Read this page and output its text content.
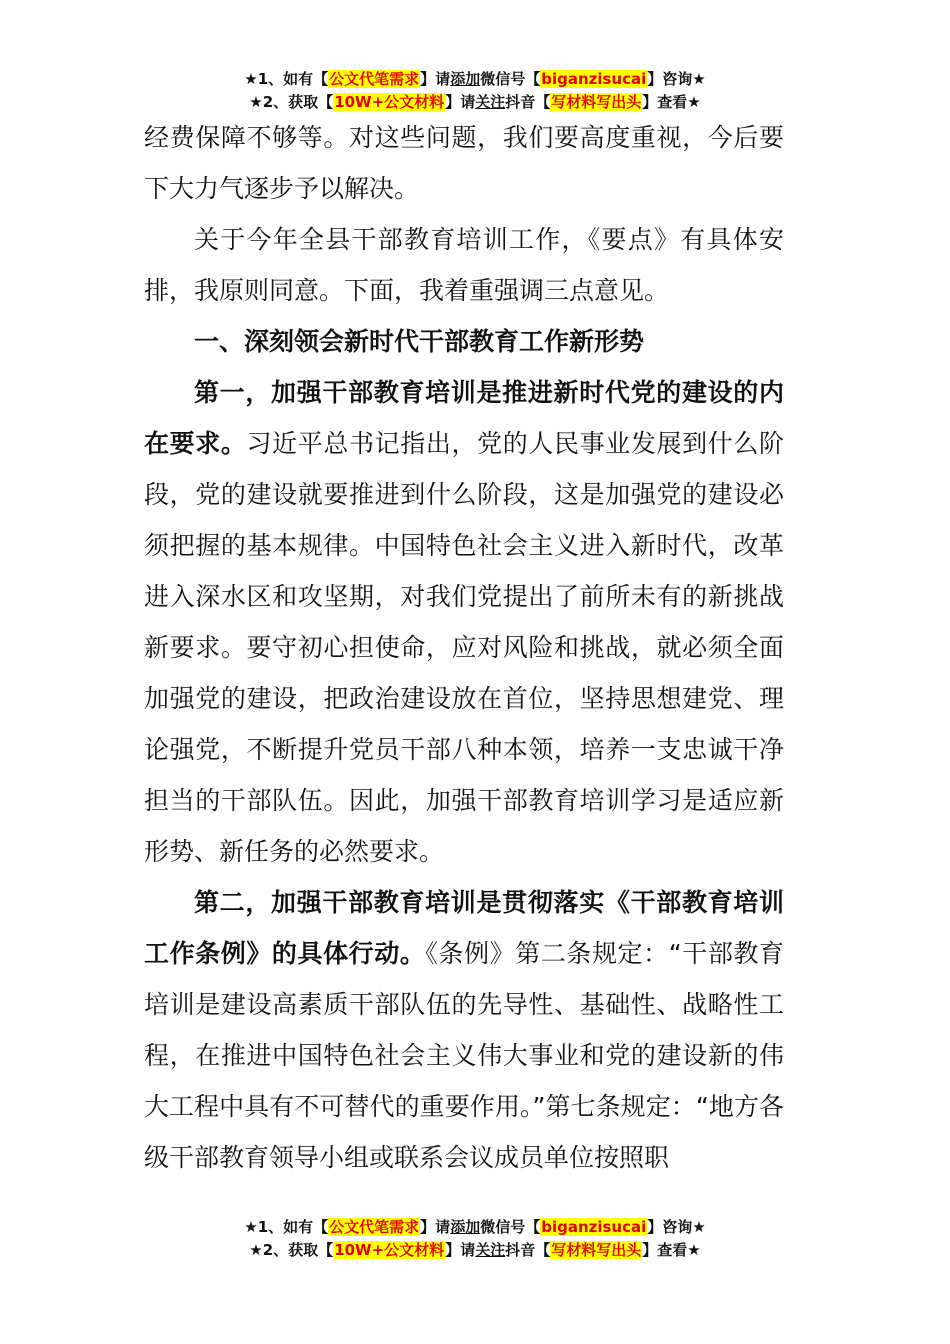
★1、如有【公文代笔需求】请添加微信号【biganzisucai】咨询★
★2、获取【10W+公文材料】请关注抖音【写材料写出头】查看★

经费保障不够等。对这些问题，我们要高度重视，今后要下大力气逐步予以解决。

关于今年全县干部教育培训工作，《要点》有具体安排，我原则同意。下面，我着重强调三点意见。

一、深刻领会新时代干部教育工作新形势

第一，加强干部教育培训是推进新时代党的建设的内在要求。习近平总书记指出，党的人民事业发展到什么阶段，党的建设就要推进到什么阶段，这是加强党的建设必须把握的基本规律。中国特色社会主义进入新时代，改革进入深水区和攻坚期，对我们党提出了前所未有的新挑战新要求。要守初心担使命，应对风险和挑战，就必须全面加强党的建设，把政治建设放在首位，坚持思想建党、理论强党，不断提升党员干部八种本领，培养一支忠诚干净担当的干部队伍。因此，加强干部教育培训学习是适应新形势、新任务的必然要求。

第二，加强干部教育培训是贯彻落实《干部教育培训工作条例》的具体行动。《条例》第二条规定：“干部教育培训是建设高素质干部队伍的先导性、基础性、战略性工程，在推进中国特色社会主义伟大事业和党的建设新的伟大工程中具有不可替代的重要作用。”第七条规定：“地方各级干部教育领导小组或联系会议成员单位按照职

★1、如有【公文代笔需求】请添加微信号【biganzisucai】咨询★
★2、获取【10W+公文材料】请关注抖音【写材料写出头】查看★
